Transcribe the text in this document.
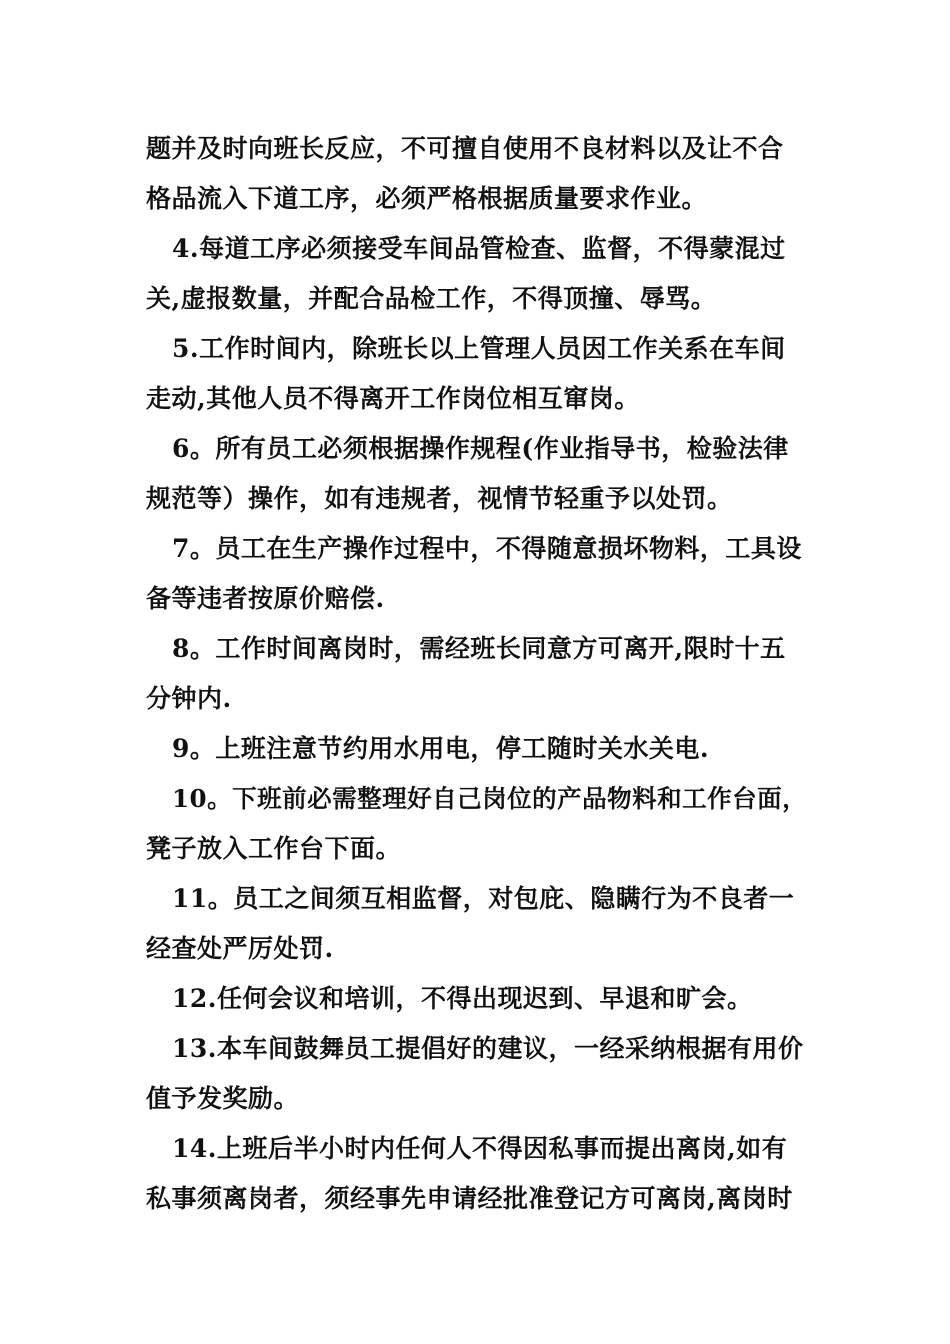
题并及时向班长反应，不可擅自使用不良材料以及让不合
格品流入下道工序，必须严格根据质量要求作业。
4.每道工序必须接受车间品管检查、监督，不得蒙混过
关,虚报数量，并配合品检工作，不得顶撞、辱骂。
5.工作时间内，除班长以上管理人员因工作关系在车间
走动,其他人员不得离开工作岗位相互窜岗。
6。所有员工必须根据操作规程(作业指导书，检验法律
规范等）操作，如有违规者，视情节轻重予以处罚。
7。员工在生产操作过程中，不得随意损坏物料，工具设
备等违者按原价赔偿.
8。工作时间离岗时，需经班长同意方可离开,限时十五
分钟内.
9。上班注意节约用水用电，停工随时关水关电.
10。下班前必需整理好自己岗位的产品物料和工作台面，
凳子放入工作台下面。
11。员工之间须互相监督，对包庇、隐瞒行为不良者一
经查处严厉处罚.
12.任何会议和培训，不得出现迟到、早退和旷会。
13.本车间鼓舞员工提倡好的建议，一经采纳根据有用价
值予发奖励。
14.上班后半小时内任何人不得因私事而提出离岗,如有
私事须离岗者，须经事先申请经批准登记方可离岗,离岗时
